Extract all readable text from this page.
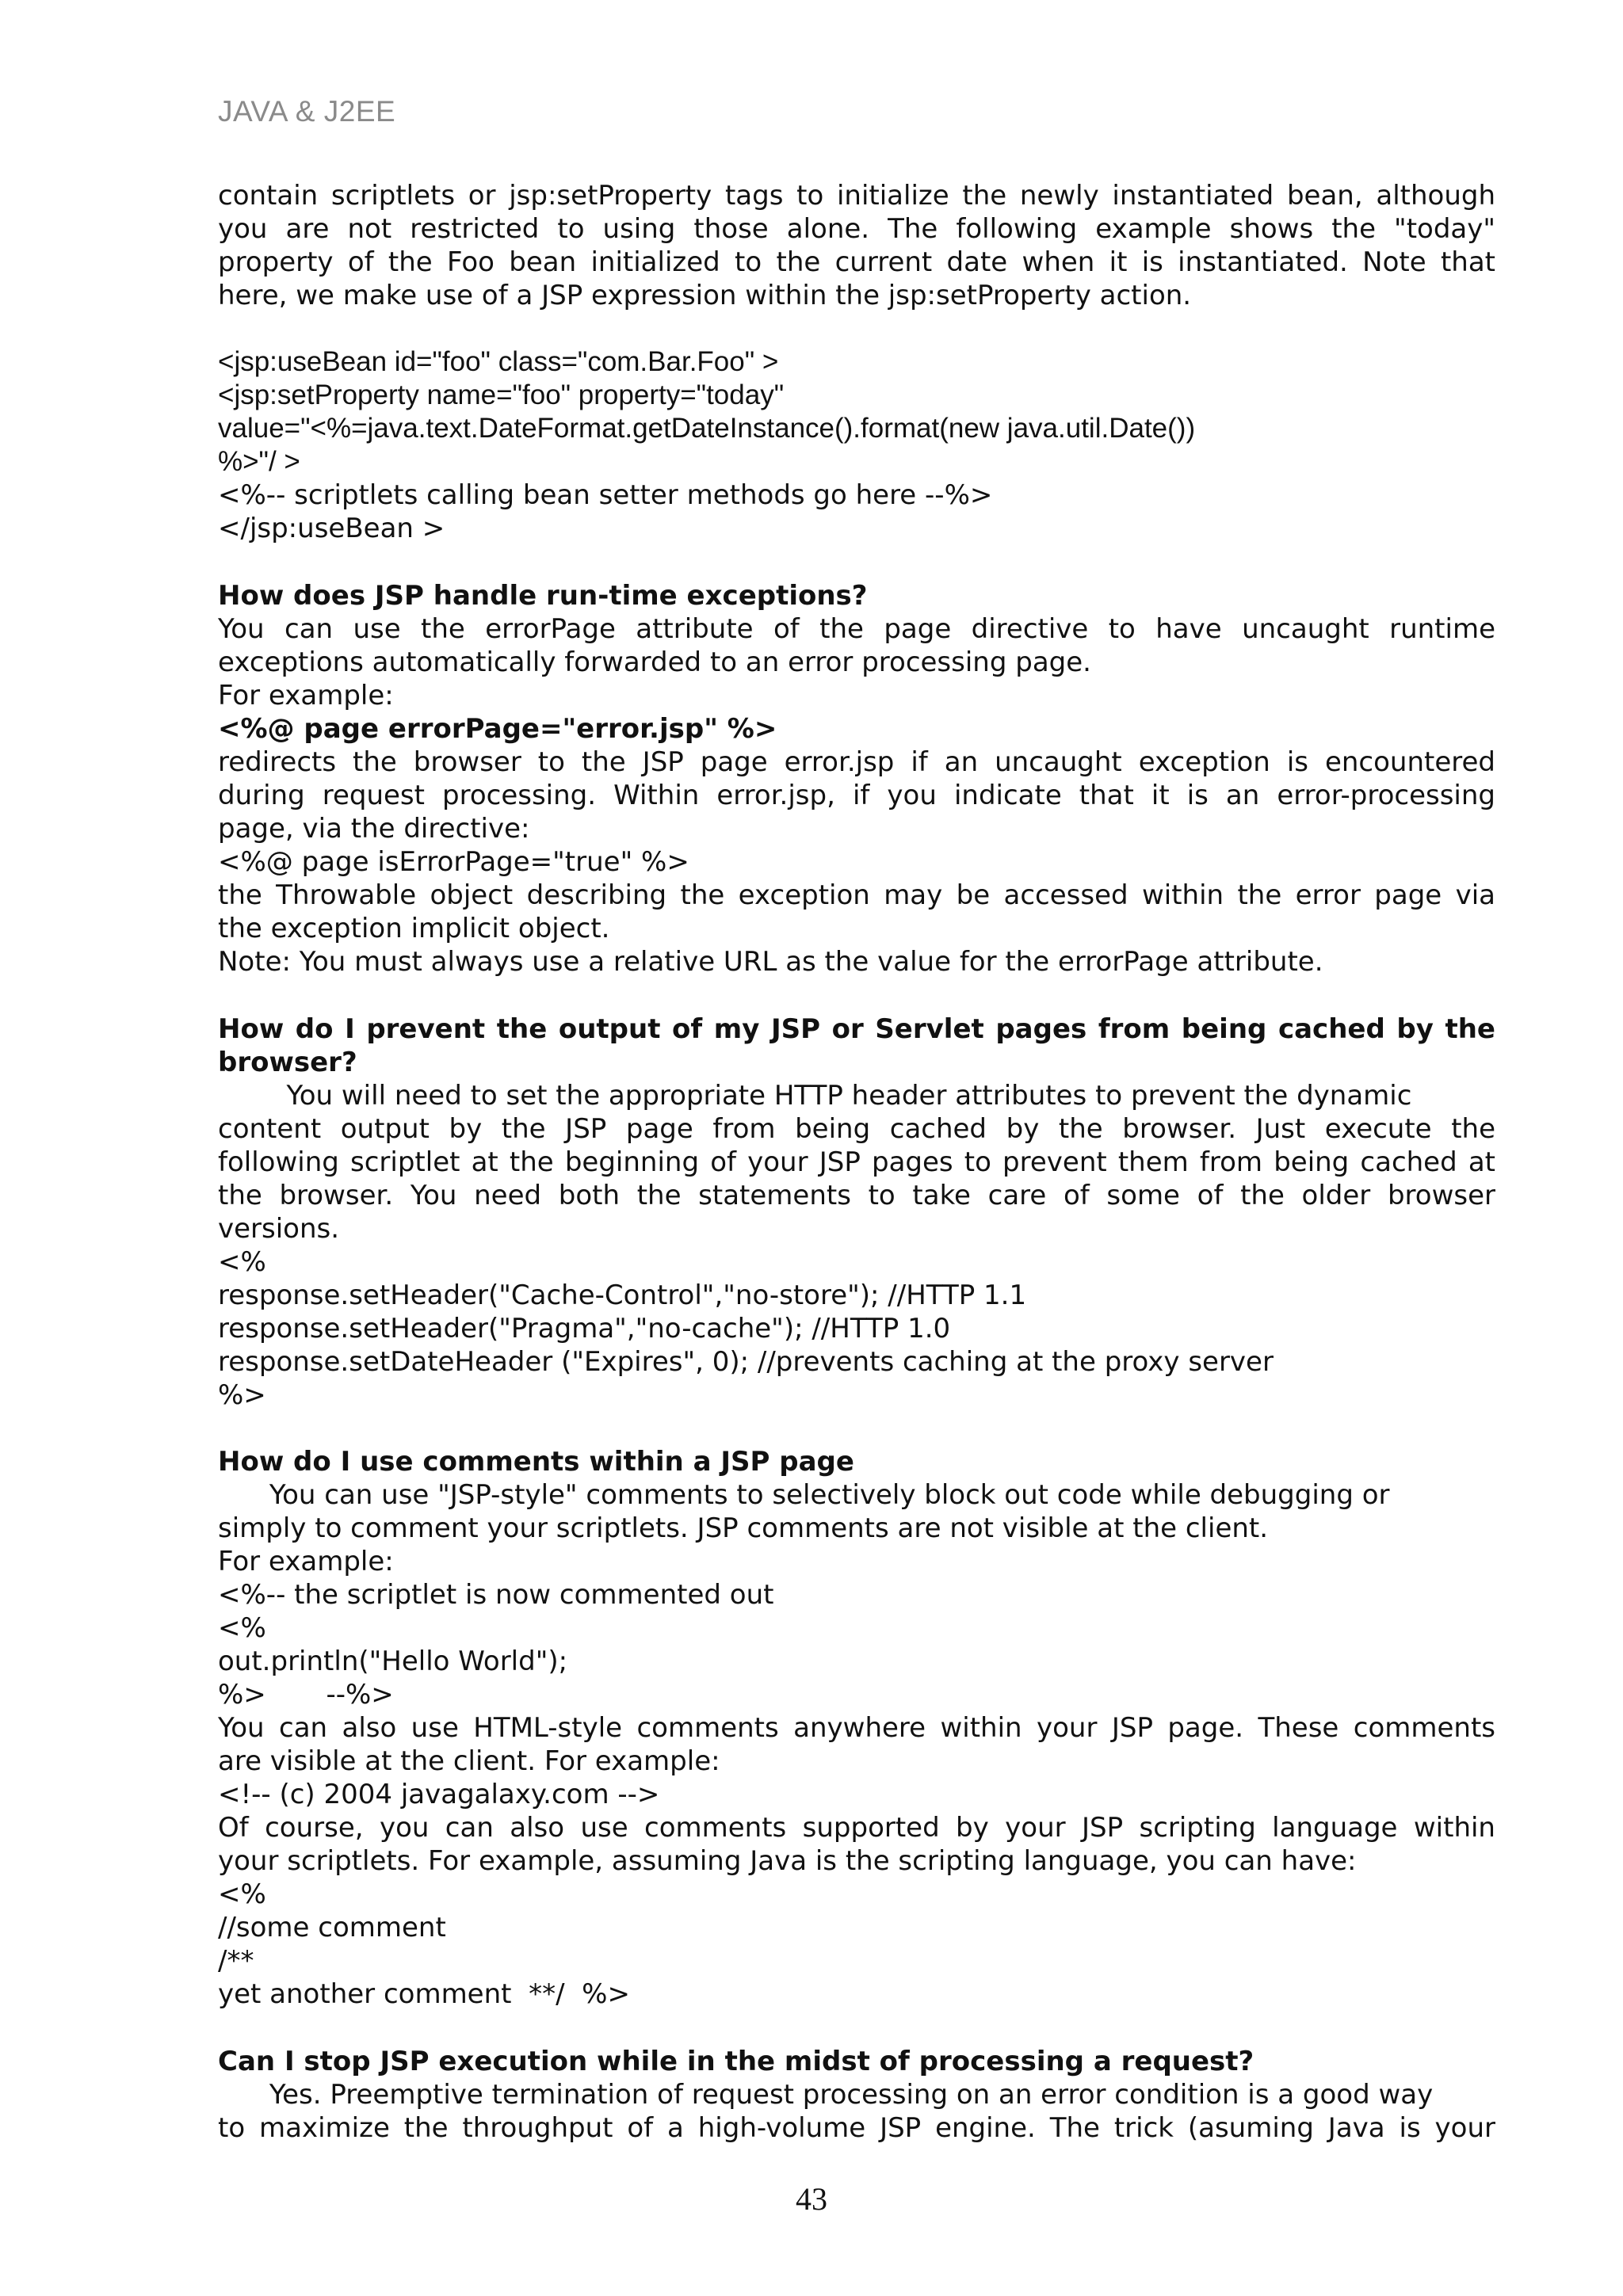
JAVA & J2EE
contain scriptlets or jsp:setProperty tags to initialize the newly instantiated bean, although
you are not restricted to using those alone. The following example shows the "today"
property of the Foo bean initialized to the current date when it is instantiated. Note that
here, we make use of a JSP expression within the jsp:setProperty action.
<jsp:useBean id="foo" class="com.Bar.Foo" >
<jsp:setProperty name="foo" property="today"
value="<%=java.text.DateFormat.getDateInstance().format(new java.util.Date())
%>"/ >
<%-- scriptlets calling bean setter methods go here --%>
</jsp:useBean >
How does JSP handle run-time exceptions?
You can use the errorPage attribute of the page directive to have uncaught runtime
exceptions automatically forwarded to an error processing page.
For example:
<%@ page errorPage="error.jsp" %>
redirects the browser to the JSP page error.jsp if an uncaught exception is encountered
during request processing. Within error.jsp, if you indicate that it is an error-processing
page, via the directive:
<%@ page isErrorPage="true" %>
the Throwable object describing the exception may be accessed within the error page via
the exception implicit object.
Note: You must always use a relative URL as the value for the errorPage attribute.
How do I prevent the output of my JSP or Servlet pages from being cached by the
browser?
You will need to set the appropriate HTTP header attributes to prevent the dynamic
content output by the JSP page from being cached by the browser. Just execute the
following scriptlet at the beginning of your JSP pages to prevent them from being cached at
the browser. You need both the statements to take care of some of the older browser
versions.
<%
response.setHeader("Cache-Control","no-store"); //HTTP 1.1
response.setHeader("Pragma","no-cache"); //HTTP 1.0
response.setDateHeader ("Expires", 0); //prevents caching at the proxy server
%>
How do I use comments within a JSP page
You can use "JSP-style" comments to selectively block out code while debugging or
simply to comment your scriptlets. JSP comments are not visible at the client.
For example:
<%-- the scriptlet is now commented out
<%
out.println("Hello World");
%>       --%>
You can also use HTML-style comments anywhere within your JSP page. These comments
are visible at the client. For example:
<!-- (c) 2004 javagalaxy.com -->
Of course, you can also use comments supported by your JSP scripting language within
your scriptlets. For example, assuming Java is the scripting language, you can have:
<%
//some comment
/**
yet another comment  **/  %>
Can I stop JSP execution while in the midst of processing a request?
Yes. Preemptive termination of request processing on an error condition is a good way
to maximize the throughput of a high-volume JSP engine. The trick (asuming Java is your
43
